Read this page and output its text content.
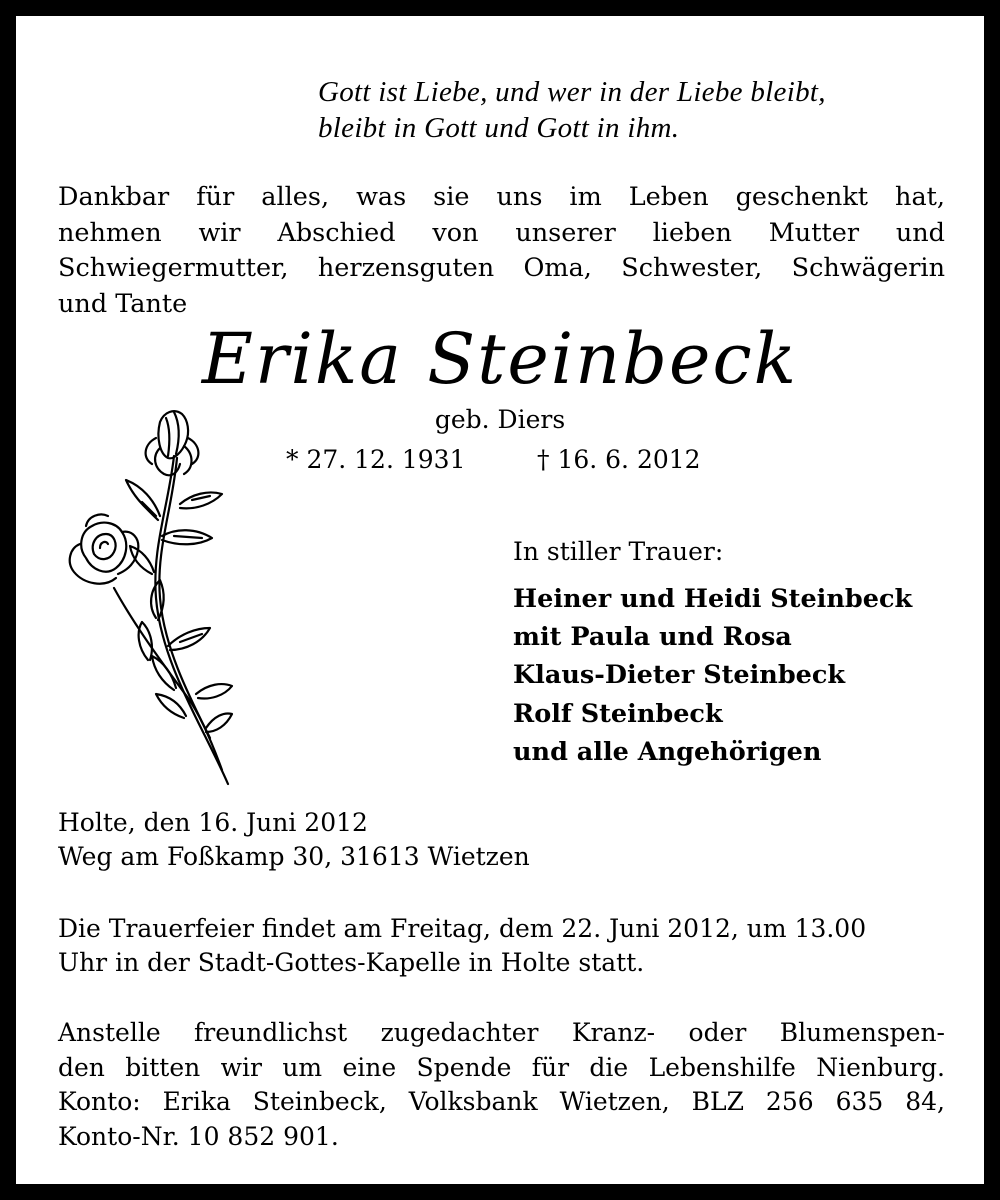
Gott ist Liebe, und wer in der Liebe bleibt,
bleibt in Gott und Gott in ihm.
Dankbar für alles, was sie uns im Leben geschenkt hat,
nehmen wir Abschied von unserer lieben Mutter und
Schwiegermutter, herzensguten Oma, Schwester, Schwägerin
und Tante
Erika Steinbeck
geb. Diers
* 27. 12. 1931	† 16. 6. 2012
In stiller Trauer:
Heiner und Heidi Steinbeck
mit Paula und Rosa
Klaus-Dieter Steinbeck
Rolf Steinbeck
und alle Angehörigen
Holte, den 16. Juni 2012
Weg am Foßkamp 30, 31613 Wietzen
Die Trauerfeier findet am Freitag, dem 22. Juni 2012, um 13.00
Uhr in der Stadt-Gottes-Kapelle in Holte statt.
Anstelle freundlichst zugedachter Kranz- oder Blumenspen-
den bitten wir um eine Spende für die Lebenshilfe Nienburg.
Konto: Erika Steinbeck, Volksbank Wietzen, BLZ 256 635 84,
Konto-Nr. 10 852 901.
